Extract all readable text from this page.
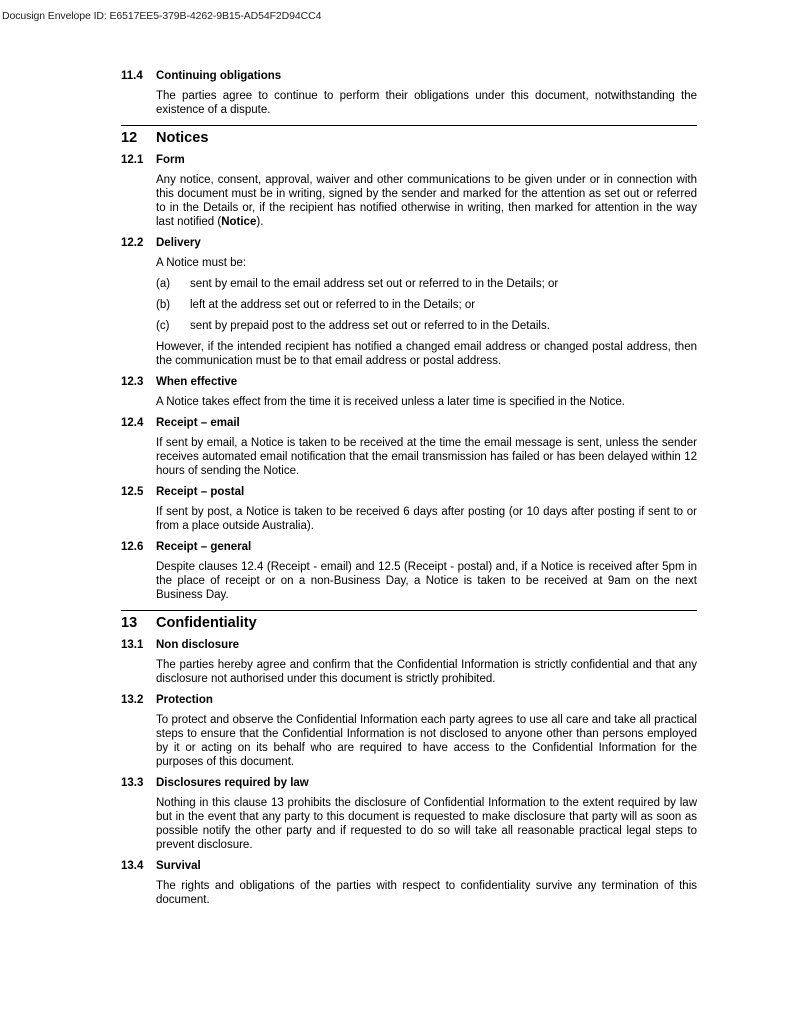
Docusign Envelope ID: E6517EE5-379B-4262-9B15-AD54F2D94CC4
11.4	Continuing obligations

The parties agree to continue to perform their obligations under this document, notwithstanding the existence of a dispute.

12	Notices
12.1	Form

Any notice, consent, approval, waiver and other communications to be given under or in connection with this document must be in writing, signed by the sender and marked for the attention as set out or referred to in the Details or, if the recipient has notified otherwise in writing, then marked for attention in the way last notified (Notice).

12.2	Delivery

A Notice must be:

(a)	sent by email to the email address set out or referred to in the Details; or
(b)	left at the address set out or referred to in the Details; or
(c)	sent by prepaid post to the address set out or referred to in the Details.

However, if the intended recipient has notified a changed email address or changed postal address, then the communication must be to that email address or postal address.

12.3	When effective

A Notice takes effect from the time it is received unless a later time is specified in the Notice.

12.4	Receipt – email

If sent by email, a Notice is taken to be received at the time the email message is sent, unless the sender receives automated email notification that the email transmission has failed or has been delayed within 12 hours of sending the Notice.

12.5	Receipt – postal

If sent by post, a Notice is taken to be received 6 days after posting (or 10 days after posting if sent to or from a place outside Australia).

12.6	Receipt – general

Despite clauses 12.4 (Receipt - email) and 12.5 (Receipt - postal) and, if a Notice is received after 5pm in the place of receipt or on a non-Business Day, a Notice is taken to be received at 9am on the next Business Day.

13	Confidentiality
13.1	Non disclosure

The parties hereby agree and confirm that the Confidential Information is strictly confidential and that any disclosure not authorised under this document is strictly prohibited.

13.2	Protection

To protect and observe the Confidential Information each party agrees to use all care and take all practical steps to ensure that the Confidential Information is not disclosed to anyone other than persons employed by it or acting on its behalf who are required to have access to the Confidential Information for the purposes of this document.

13.3	Disclosures required by law

Nothing in this clause 13 prohibits the disclosure of Confidential Information to the extent required by law but in the event that any party to this document is requested to make disclosure that party will as soon as possible notify the other party and if requested to do so will take all reasonable practical legal steps to prevent disclosure.

13.4	Survival

The rights and obligations of the parties with respect to confidentiality survive any termination of this document.
